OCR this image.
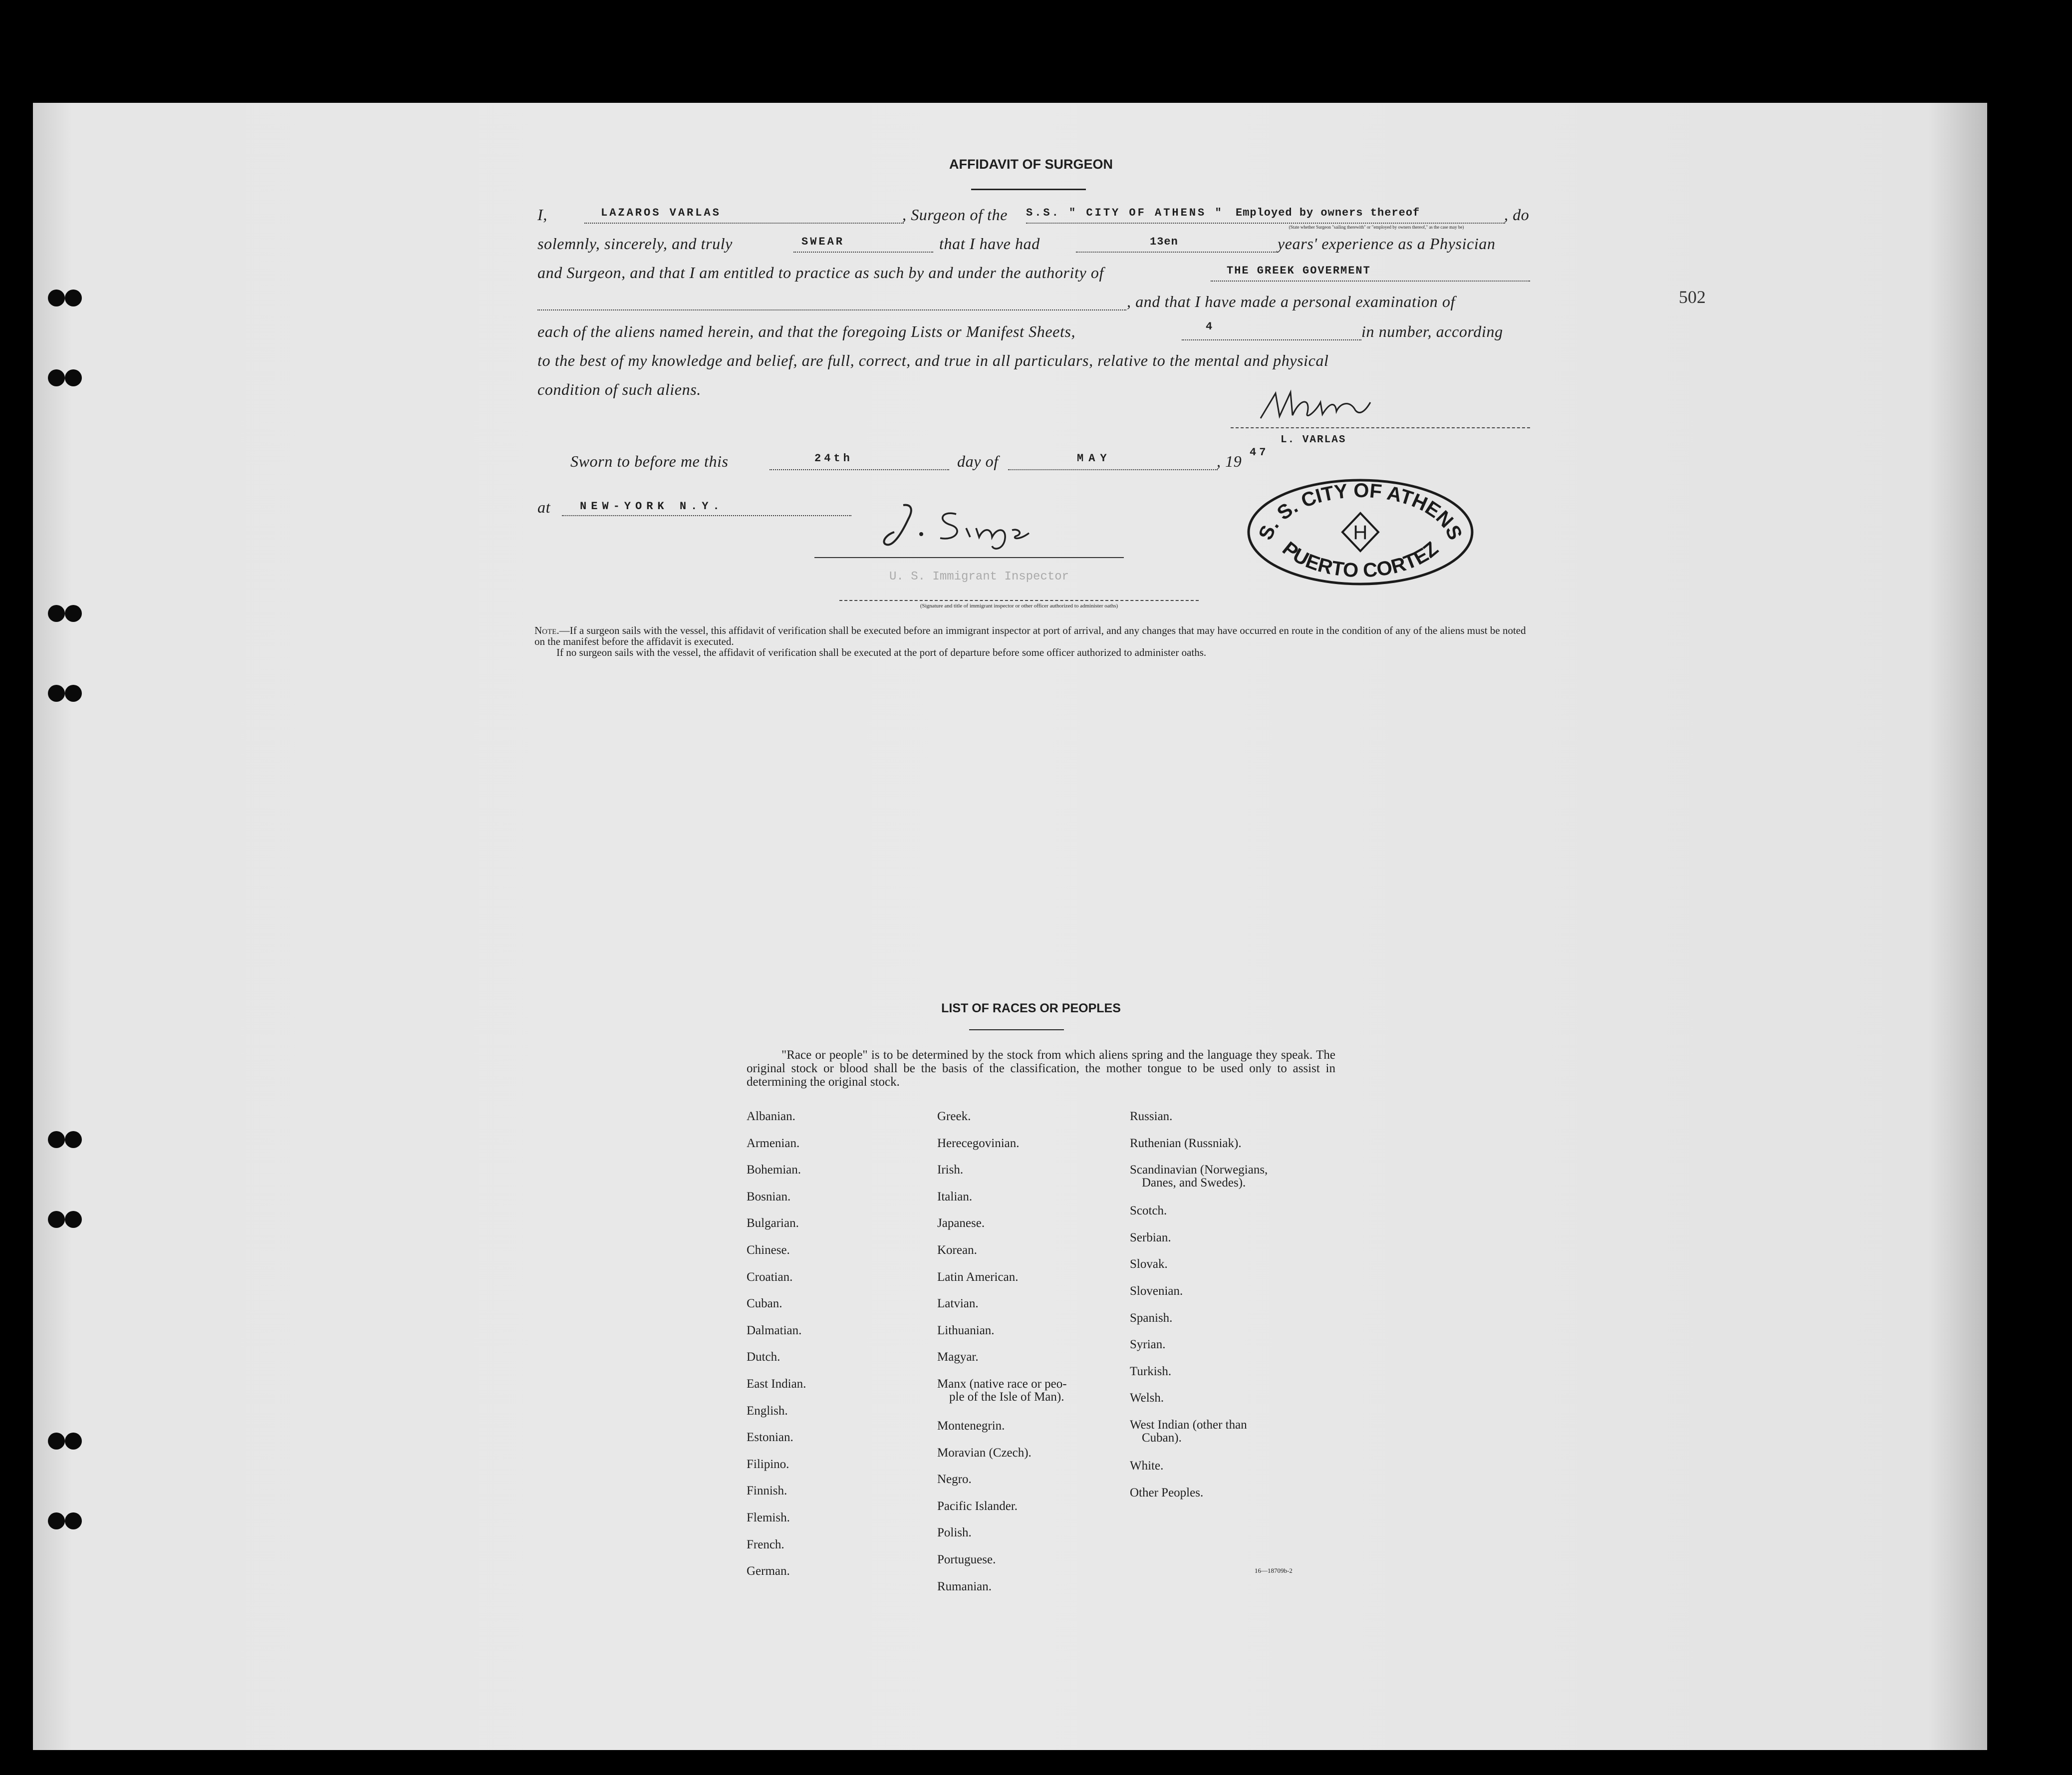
502
AFFIDAVIT OF SURGEON
I,	LAZAROS VARLAS	, Surgeon of the S.S. " CITY OF ATHENS " Employed by owners thereof
(State whether Surgeon "sailing therewith" or "employed by owners thereof," as the case may be)
, do
solemnly, sincerely, and truly	SWEAR	that I have had	13en	years' experience as a Physician
and Surgeon, and that I am entitled to practice as such by and under the authority of	THE GREEK GOVERMENT
, and that I have made a personal examination of
each of the aliens named herein, and that the foregoing Lists or Manifest Sheets,	4	in number, according
to the best of my knowledge and belief, are full, correct, and true in all particulars, relative to the mental and physical
condition of such aliens.
L. VARLAS
Sworn to before me this	24th	day of	MAY	, 19 47
at	NEW-YORK N.Y.
U. S. Immigrant Inspector
(Signature and title of immigrant inspector or other officer authorized to administer oaths)
S. S. CITY OF ATHENS
H
PUERTO CORTEZ
Note.—If a surgeon sails with the vessel, this affidavit of verification shall be executed before an immigrant inspector at port of arrival, and any changes that may have occurred en route in the condition of any of the aliens must be noted on the manifest before the affidavit is executed.
If no surgeon sails with the vessel, the affidavit of verification shall be executed at the port of departure before some officer authorized to administer oaths.
LIST OF RACES OR PEOPLES
"Race or people" is to be determined by the stock from which aliens spring and the language they speak. The original stock or blood shall be the basis of the classification, the mother tongue to be used only to assist in determining the original stock.
Albanian.
Armenian.
Bohemian.
Bosnian.
Bulgarian.
Chinese.
Croatian.
Cuban.
Dalmatian.
Dutch.
East Indian.
English.
Estonian.
Filipino.
Finnish.
Flemish.
French.
German.
Greek.
Herecegovinian.
Irish.
Italian.
Japanese.
Korean.
Latin American.
Latvian.
Lithuanian.
Magyar.
Manx (native race or peo-
ple of the Isle of Man).
Montenegrin.
Moravian (Czech).
Negro.
Pacific Islander.
Polish.
Portuguese.
Rumanian.
Russian.
Ruthenian (Russniak).
Scandinavian (Norwegians,
Danes, and Swedes).
Scotch.
Serbian.
Slovak.
Slovenian.
Spanish.
Syrian.
Turkish.
Welsh.
West Indian (other than
Cuban).
White.
Other Peoples.
16—18709b-2
